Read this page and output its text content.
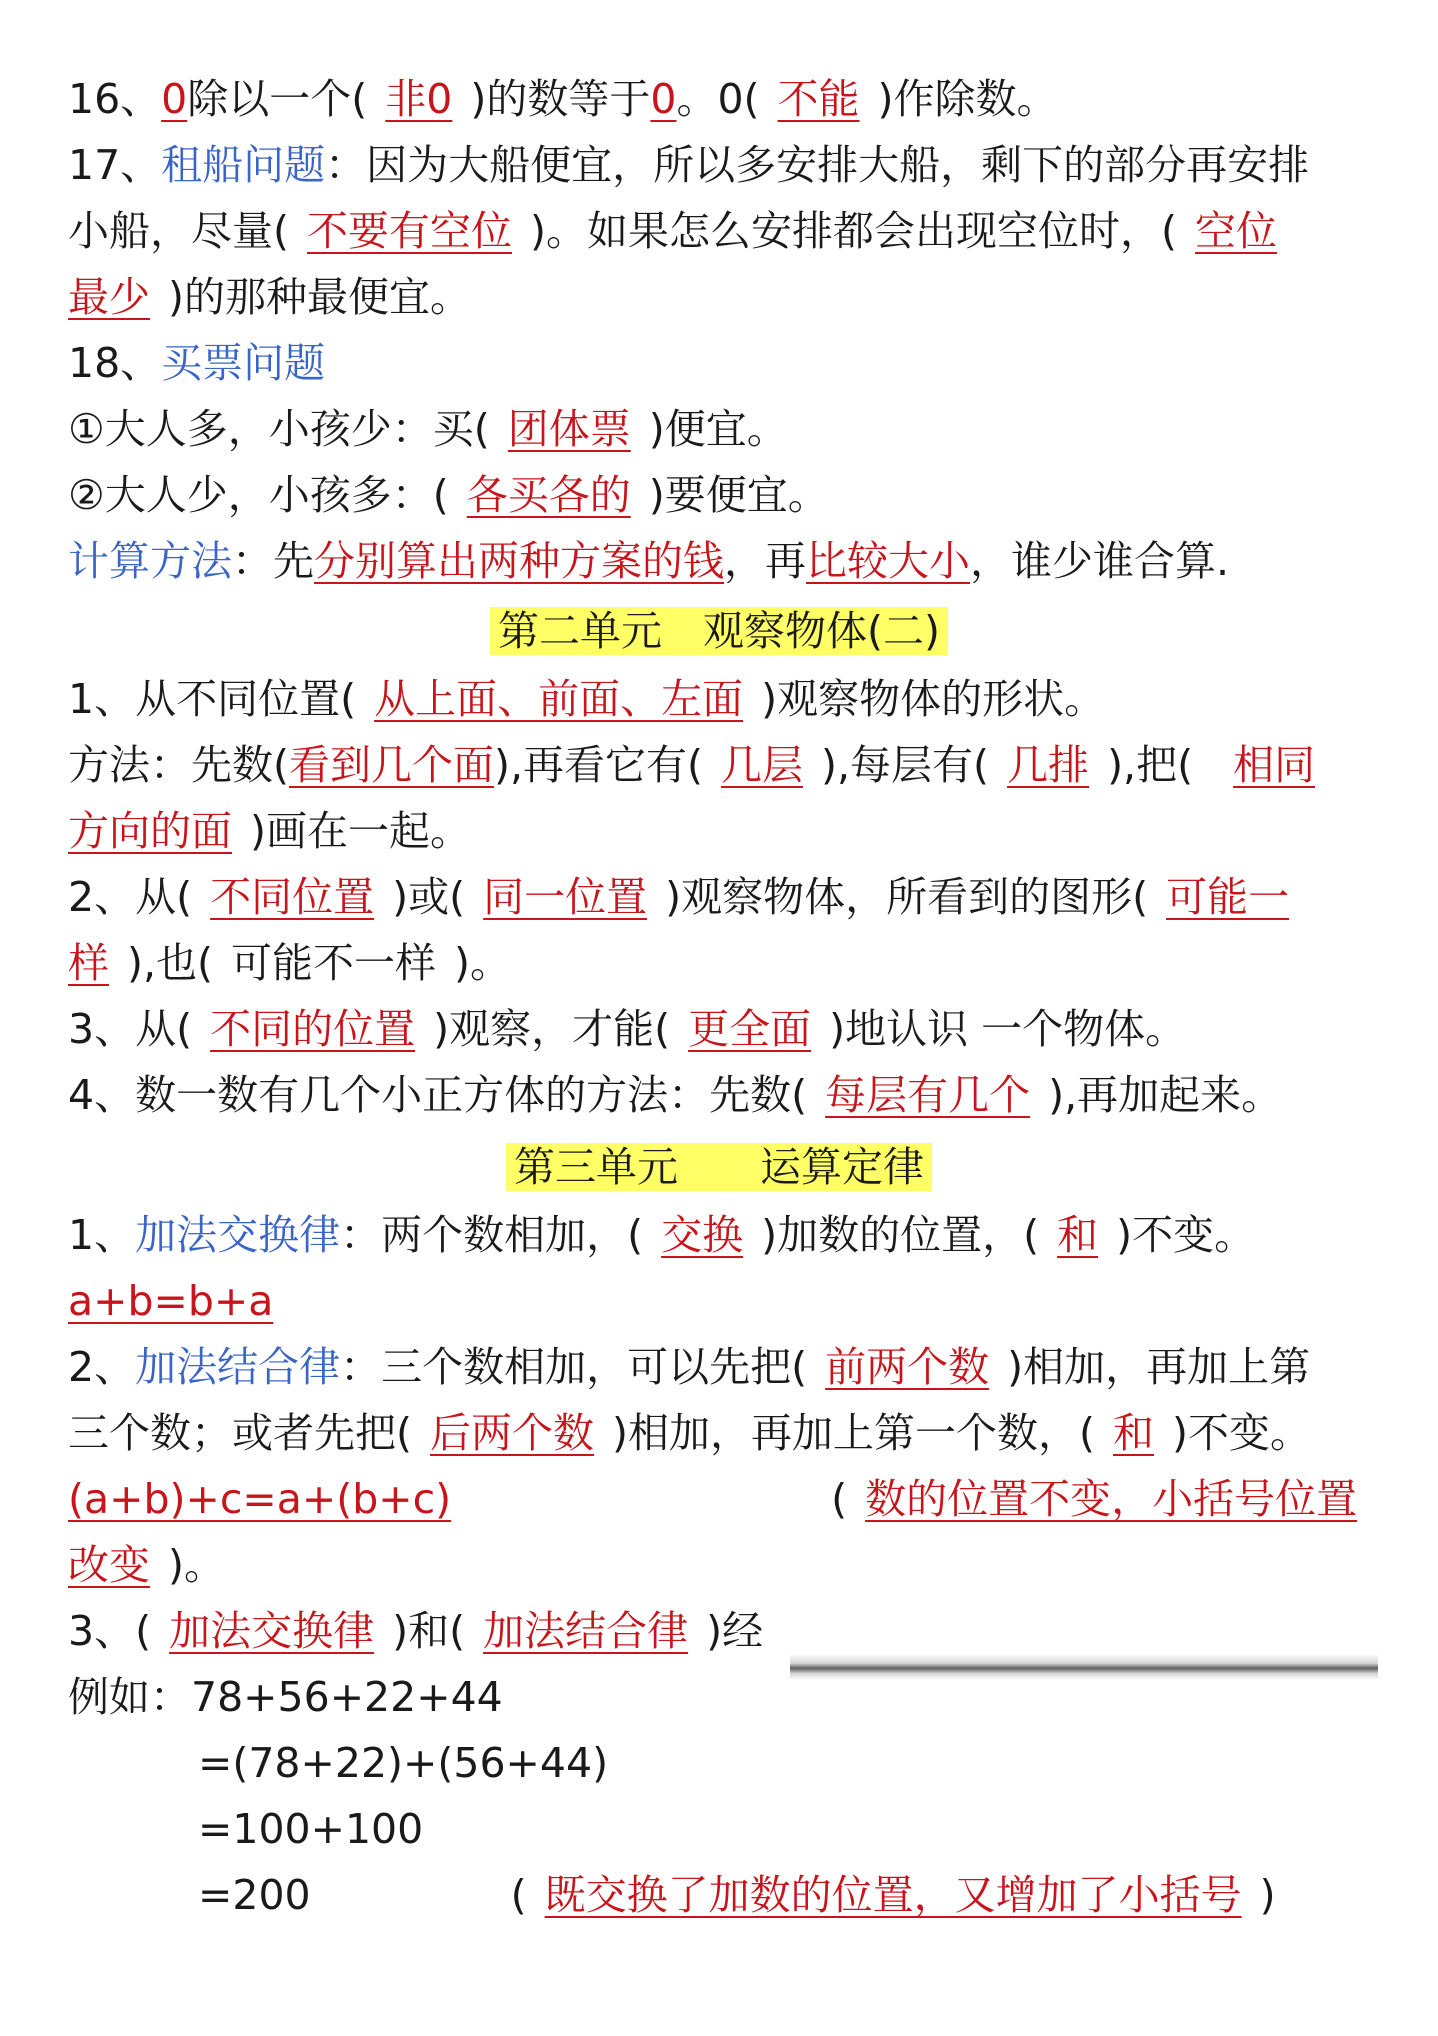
16、0除以一个( 非0 )的数等于0。0( 不能 )作除数。
17、租船问题：因为大船便宜，所以多安排大船，剩下的部分再安排
小船，尽量( 不要有空位 )。如果怎么安排都会出现空位时，( 空位
最少 )的那种最便宜。
18、买票问题
①大人多，小孩少：买( 团体票 )便宜。
②大人少，小孩多：( 各买各的 )要便宜。
计算方法：先分别算出两种方案的钱，再比较大小，谁少谁合算.
第二单元　观察物体(二)
1、从不同位置( 从上面、前面、左面 )观察物体的形状。
方法：先数(看到几个面),再看它有( 几层 ),每层有( 几排 ),把( 相同
方向的面 )画在一起。
2、从( 不同位置 )或( 同一位置 )观察物体，所看到的图形( 可能一
样 ),也( 可能不一样 )。
3、从( 不同的位置 )观察，才能( 更全面 )地认识 一个物体。
4、数一数有几个小正方体的方法：先数( 每层有几个 ),再加起来。
第三单元　　运算定律
1、加法交换律：两个数相加，( 交换 )加数的位置，( 和 )不变。
a+b=b+a
2、加法结合律：三个数相加，可以先把( 前两个数 )相加，再加上第
三个数；或者先把( 后两个数 )相加，再加上第一个数，( 和 )不变。
(a+b)+c=a+(b+c)	( 数的位置不变，小括号位置
改变 )。
3、( 加法交换律 )和( 加法结合律 )经
例如：78+56+22+44
=(78+22)+(56+44)
=100+100
=200	( 既交换了加数的位置，又增加了小括号 )
